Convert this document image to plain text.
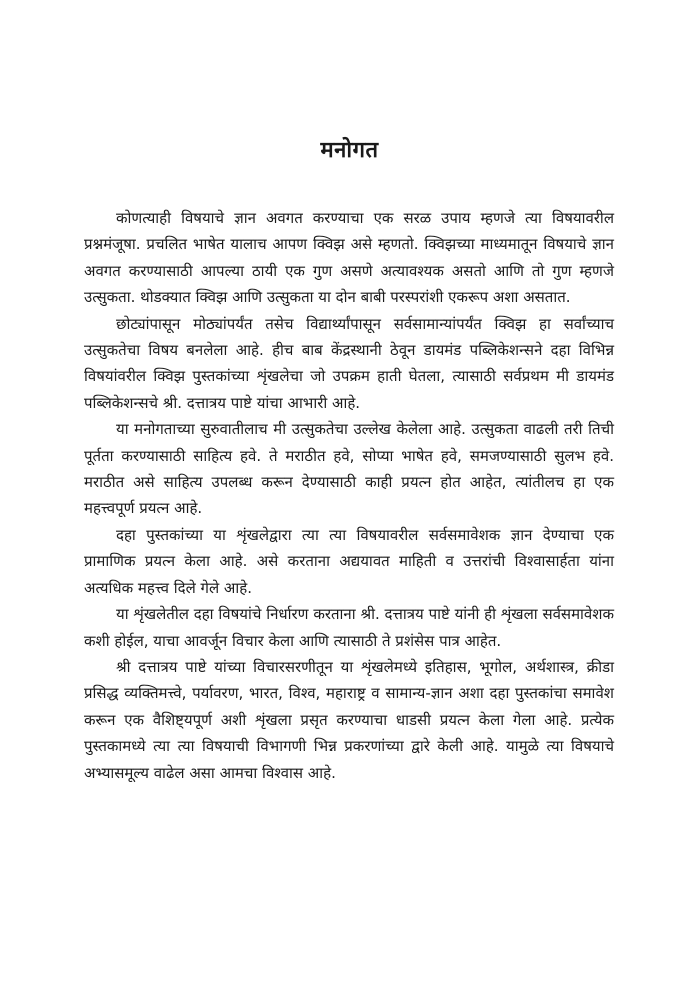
मनोगत

कोणत्याही विषयाचे ज्ञान अवगत करण्याचा एक सरळ उपाय म्हणजे त्या विषयावरील प्रश्नमंजूषा. प्रचलित भाषेत यालाच आपण क्विझ असे म्हणतो. क्विझच्या माध्यमातून विषयाचे ज्ञान अवगत करण्यासाठी आपल्या ठायी एक गुण असणे अत्यावश्यक असतो आणि तो गुण म्हणजे उत्सुकता. थोडक्यात क्विझ आणि उत्सुकता या दोन बाबी परस्परांशी एकरूप अशा असतात.

छोट्यांपासून मोठ्यांपर्यंत तसेच विद्यार्थ्यांपासून सर्वसामान्यांपर्यंत क्विझ हा सर्वांच्याच उत्सुकतेचा विषय बनलेला आहे. हीच बाब केंद्रस्थानी ठेवून डायमंड पब्लिकेशन्सने दहा विभिन्न विषयांवरील क्विझ पुस्तकांच्या शृंखलेचा जो उपक्रम हाती घेतला, त्यासाठी सर्वप्रथम मी डायमंड पब्लिकेशन्सचे श्री. दत्तात्रय पाष्टे यांचा आभारी आहे.

या मनोगताच्या सुरुवातीलाच मी उत्सुकतेचा उल्लेख केलेला आहे. उत्सुकता वाढली तरी तिची पूर्तता करण्यासाठी साहित्य हवे. ते मराठीत हवे, सोप्या भाषेत हवे, समजण्यासाठी सुलभ हवे. मराठीत असे साहित्य उपलब्ध करून देण्यासाठी काही प्रयत्न होत आहेत, त्यांतीलच हा एक महत्त्वपूर्ण प्रयत्न आहे.

दहा पुस्तकांच्या या शृंखलेद्वारा त्या त्या विषयावरील सर्वसमावेशक ज्ञान देण्याचा एक प्रामाणिक प्रयत्न केला आहे. असे करताना अद्ययावत माहिती व उत्तरांची विश्वासार्हता यांना अत्यधिक महत्त्व दिले गेले आहे.

या शृंखलेतील दहा विषयांचे निर्धारण करताना श्री. दत्तात्रय पाष्टे यांनी ही शृंखला सर्वसमावेशक कशी होईल, याचा आवर्जून विचार केला आणि त्यासाठी ते प्रशंसेस पात्र आहेत.

श्री दत्तात्रय पाष्टे यांच्या विचारसरणीतून या शृंखलेमध्ये इतिहास, भूगोल, अर्थशास्त्र, क्रीडा प्रसिद्ध व्यक्तिमत्त्वे, पर्यावरण, भारत, विश्व, महाराष्ट्र व सामान्य-ज्ञान अशा दहा पुस्तकांचा समावेश करून एक वैशिष्ट्यपूर्ण अशी शृंखला प्रसृत करण्याचा धाडसी प्रयत्न केला गेला आहे. प्रत्येक पुस्तकामध्ये त्या त्या विषयाची विभागणी भिन्न प्रकरणांच्या द्वारे केली आहे. यामुळे त्या विषयाचे अभ्यासमूल्य वाढेल असा आमचा विश्वास आहे.
